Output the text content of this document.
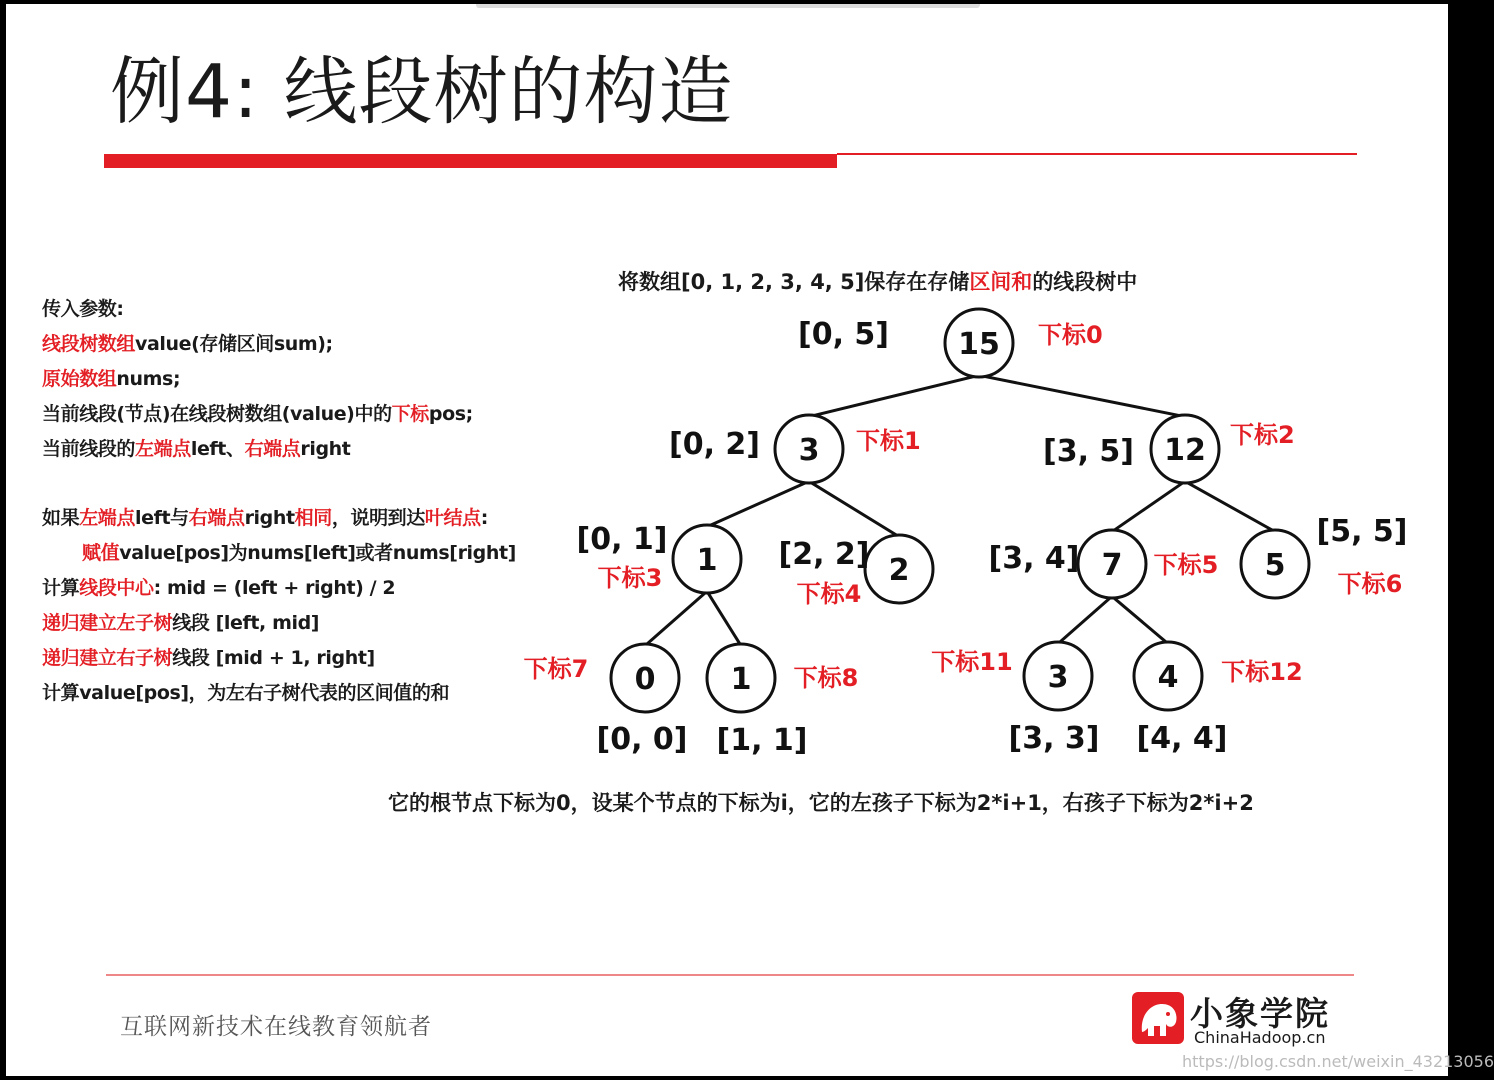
例4: 线段树的构造
传入参数:
线段树数组value(存储区间sum);
原始数组nums;
当前线段(节点)在线段树数组(value)中的下标pos;
当前线段的左端点left、右端点right
如果左端点left与右端点right相同，说明到达叶结点:
赋值value[pos]为nums[left]或者nums[right]
计算线段中心: mid = (left + right) / 2
递归建立左子树线段 [left, mid]
递归建立右子树线段 [mid + 1, right]
计算value[pos]，为左右子树代表的区间值的和
将数组[0, 1, 2, 3, 4, 5]保存在存储区间和的线段树中
15
[0, 5]	下标0
3
[0, 2]	下标1	12
[3, 5]	下标2
1
[0, 1]
下标3	2
[2, 2]
下标4
7
[3, 4]	下标5 5
[5, 5]
下标6
0
[0, 0]
下标7	1
[1, 1]
下标8	3
[3, 3]
下标11	4
[4, 4]
下标12
它的根节点下标为0，设某个节点的下标为i，它的左孩子下标为2*i+1，右孩子下标为2*i+2
互联网新技术在线教育领航者	小象学院
ChinaHadoop.cn
https://blog.csdn.net/weixin_43213056
